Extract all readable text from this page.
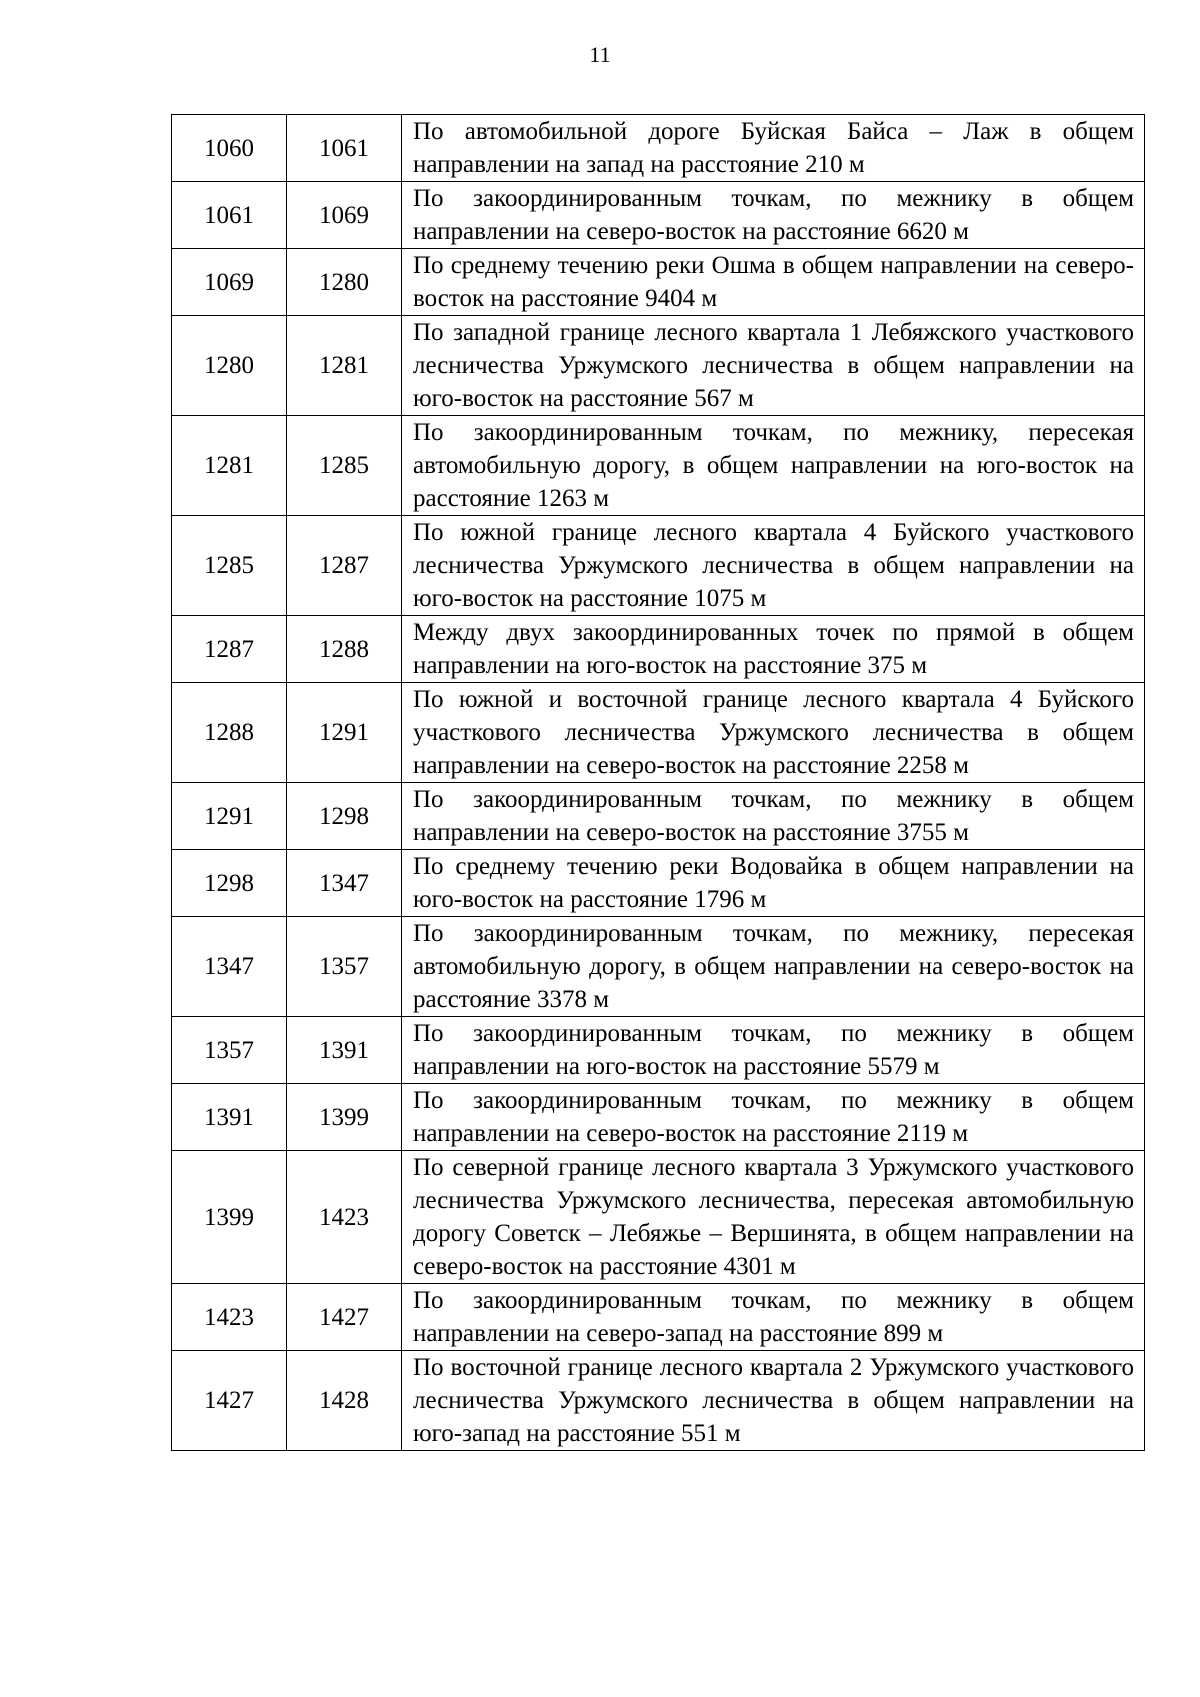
11
1060	1061	По автомобильной дороге Буйская Байса – Лаж в общем направлении на запад на расстояние 210 м
1061	1069	По закоординированным точкам, по межнику в общем направлении на северо-восток на расстояние 6620 м
1069	1280	По среднему течению реки Ошма в общем направлении на северо-восток на расстояние 9404 м
1280	1281	По западной границе лесного квартала 1 Лебяжского участкового лесничества Уржумского лесничества в общем направлении на юго-восток на расстояние 567 м
1281	1285	По закоординированным точкам, по межнику, пересекая автомобильную дорогу, в общем направлении на юго-восток на расстояние 1263 м
1285	1287	По южной границе лесного квартала 4 Буйского участкового лесничества Уржумского лесничества в общем направлении на юго-восток на расстояние 1075 м
1287	1288	Между двух закоординированных точек по прямой в общем направлении на юго-восток на расстояние 375 м
1288	1291	По южной и восточной границе лесного квартала 4 Буйского участкового лесничества Уржумского лесничества в общем направлении на северо-восток на расстояние 2258 м
1291	1298	По закоординированным точкам, по межнику в общем направлении на северо-восток на расстояние 3755 м
1298	1347	По среднему течению реки Водовайка в общем направлении на юго-восток на расстояние 1796 м
1347	1357	По закоординированным точкам, по межнику, пересекая автомобильную дорогу, в общем направлении на северо-восток на расстояние 3378 м
1357	1391	По закоординированным точкам, по межнику в общем направлении на юго-восток на расстояние 5579 м
1391	1399	По закоординированным точкам, по межнику в общем направлении на северо-восток на расстояние 2119 м
1399	1423	По северной границе лесного квартала 3 Уржумского участкового лесничества Уржумского лесничества, пересекая автомобильную дорогу Советск – Лебяжье – Вершинята, в общем направлении на северо-восток на расстояние 4301 м
1423	1427	По закоординированным точкам, по межнику в общем направлении на северо-запад на расстояние 899 м
1427	1428	По восточной границе лесного квартала 2 Уржумского участкового лесничества Уржумского лесничества в общем направлении на юго-запад на расстояние 551 м
